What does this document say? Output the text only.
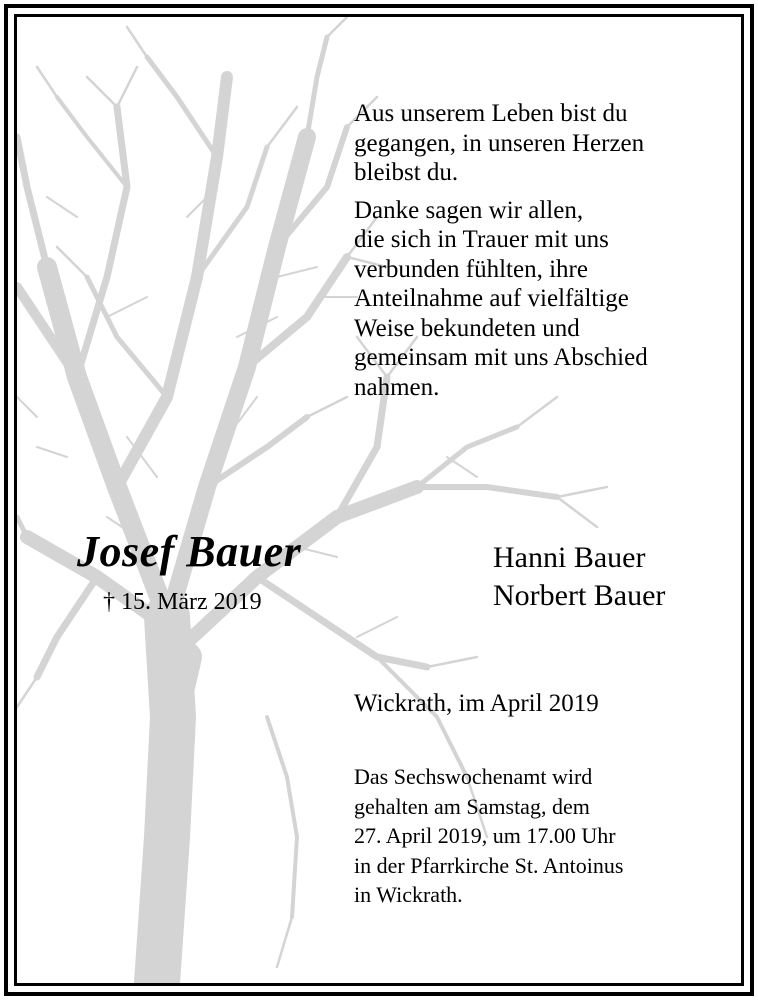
Aus unserem Leben bist du
gegangen, in unseren Herzen
bleibst du.

Danke sagen wir allen,
die sich in Trauer mit uns
verbunden fühlten, ihre
Anteilnahme auf vielfältige
Weise bekundeten und
gemeinsam mit uns Abschied
nahmen.

Josef Bauer
† 15. März 2019
Hanni Bauer
Norbert Bauer
Wickrath, im April 2019
Das Sechswochenamt wird
gehalten am Samstag, dem
27. April 2019, um 17.00 Uhr
in der Pfarrkirche St. Antoinus
in Wickrath.
